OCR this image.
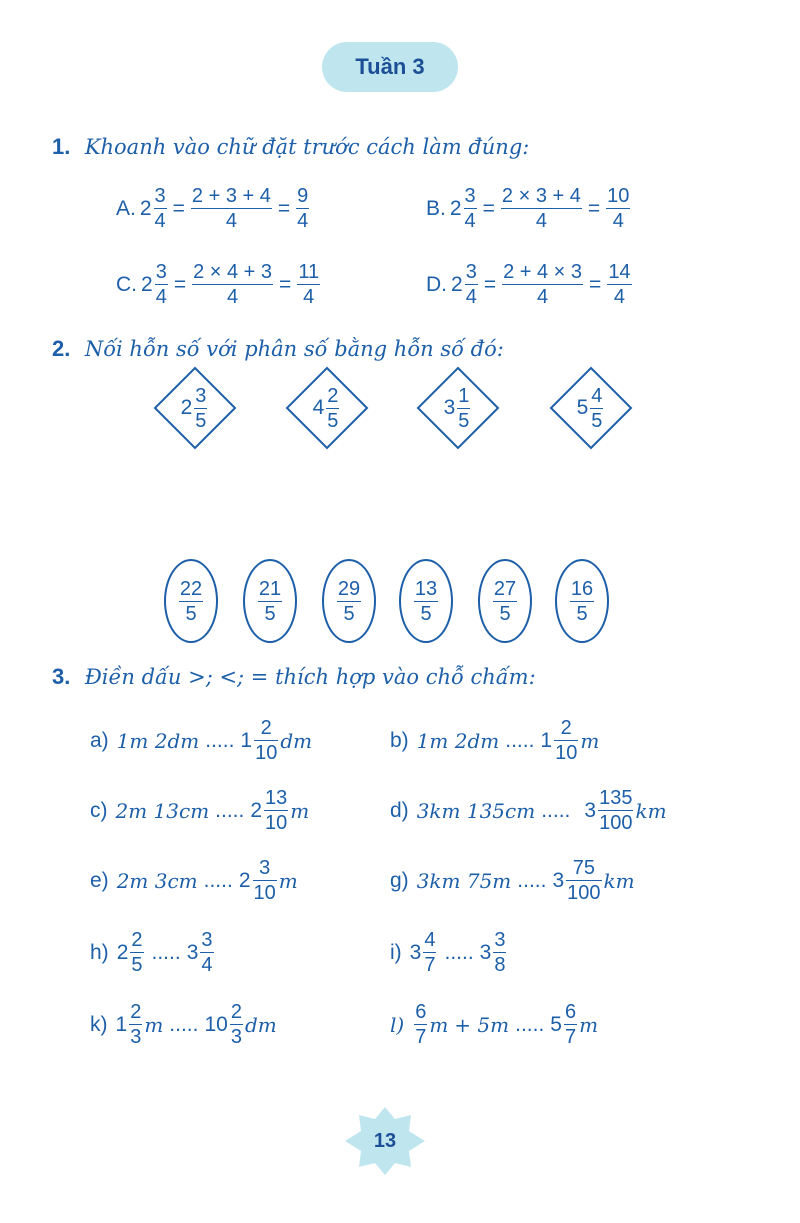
Tuần 3
1. Khoanh vào chữ đặt trước cách làm đúng:
A. $2 \frac{3}{4} = \frac{2 + 3 + 4}{4} = \frac{9}{4}$	B. $2 \frac{3}{4} = \frac{2 \times 3 + 4}{4} = \frac{10}{4}$
C. $2 \frac{3}{4} = \frac{2 \times 4 + 3}{4} = \frac{11}{4}$	D. $2 \frac{3}{4} = \frac{2 + 4 \times 3}{4} = \frac{14}{4}$
2. Nối hỗn số với phân số bằng hỗn số đó:
$2 \frac{3}{5}$	$4 \frac{2}{5}$	$3 \frac{1}{5}$	$5 \frac{4}{5}$
$\frac{22}{5}$	$\frac{21}{5}$	$\frac{29}{5}$	$\frac{13}{5}$	$\frac{27}{5}$	$\frac{16}{5}$
3. Điền dấu >; <; = thích hợp vào chỗ chấm:
a) 1m 2dm ..... $1 \frac{2}{10}$ dm	b) 1m 2dm ..... $1 \frac{2}{10}$ m
c) 2m 13cm ..... $2 \frac{13}{10}$ m	d) 3km 135cm ..... $3 \frac{135}{100}$ km
e) 2m 3cm ..... $2 \frac{3}{10}$ m	g) 3km 75m ..... $3 \frac{75}{100}$ km
h) $2 \frac{2}{5}$ ..... $3 \frac{3}{4}$	i) $3 \frac{4}{7}$ ..... $3 \frac{3}{8}$
k) $1 \frac{2}{3}$ m ..... $10 \frac{2}{3}$ dm	$l) \frac{6}{7}$ m + 5m ..... $5 \frac{6}{7}$ m
13
